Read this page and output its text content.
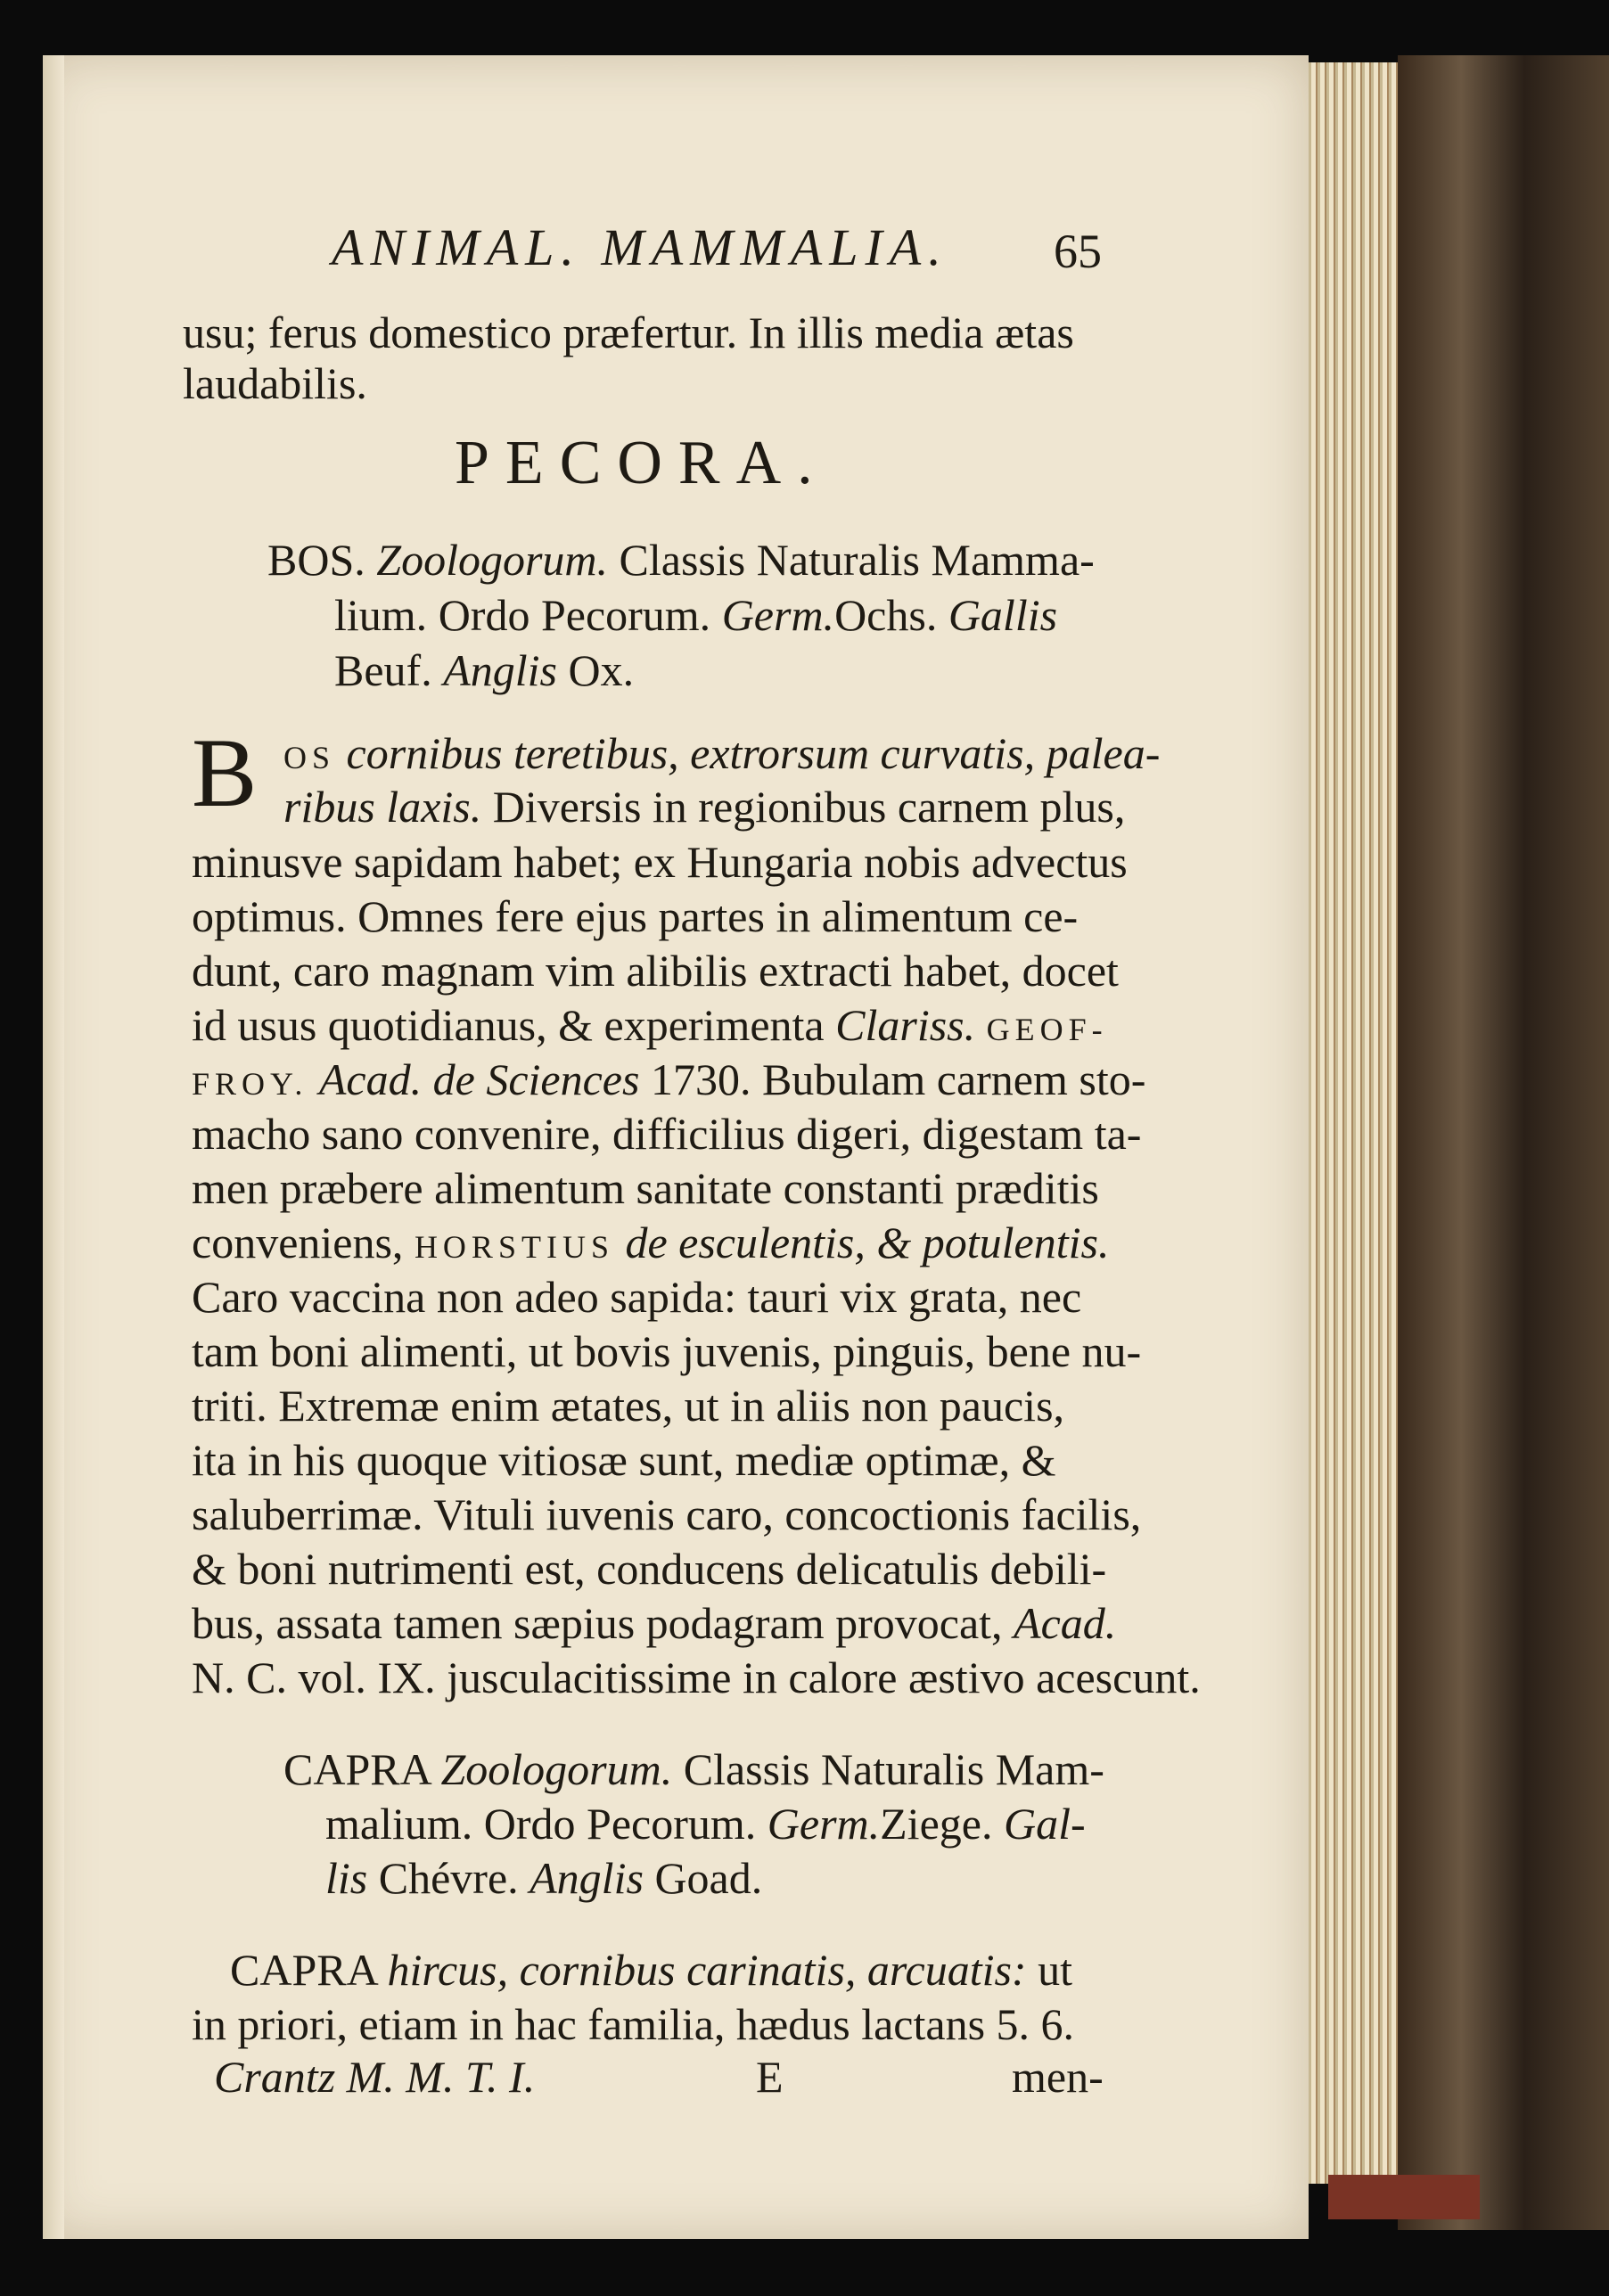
ANIMAL. MAMMALIA. 65
usu; ferus domestico præfertur. In illis media ætas
laudabilis.
PECORA.
BOS. Zoologorum. Classis Naturalis Mamma-
lium. Ordo Pecorum. Germ.Ochs. Gallis
Beuf. Anglis Ox.
B OS cornibus teretibus, extrorsum curvatis, palea-
ribus laxis. Diversis in regionibus carnem plus,
minusve sapidam habet; ex Hungaria nobis advectus
optimus. Omnes fere ejus partes in alimentum ce-
dunt, caro magnam vim alibilis extracti habet, docet
id usus quotidianus, & experimenta Clariss. GEOF-
FROY. Acad. de Sciences 1730. Bubulam carnem sto-
macho sano convenire, difficilius digeri, digestam ta-
men præbere alimentum sanitate constanti præditis
conveniens, HORSTIUS de esculentis, & potulentis.
Caro vaccina non adeo sapida: tauri vix grata, nec
tam boni alimenti, ut bovis juvenis, pinguis, bene nu-
triti. Extremæ enim ætates, ut in aliis non paucis,
ita in his quoque vitiosæ sunt, mediæ optimæ, &
saluberrimæ. Vituli iuvenis caro, concoctionis facilis,
& boni nutrimenti est, conducens delicatulis debili-
bus, assata tamen sæpius podagram provocat, Acad.
N. C. vol. IX. jusculacitissime in calore æstivo acescunt.
CAPRA Zoologorum. Classis Naturalis Mam-
malium. Ordo Pecorum. Germ.Ziege. Gal-
lis Chévre. Anglis Goad.
CAPRA hircus, cornibus carinatis, arcuatis: ut
in priori, etiam in hac familia, hædus lactans 5. 6.
Crantz M. M. T. I.	E	men-
